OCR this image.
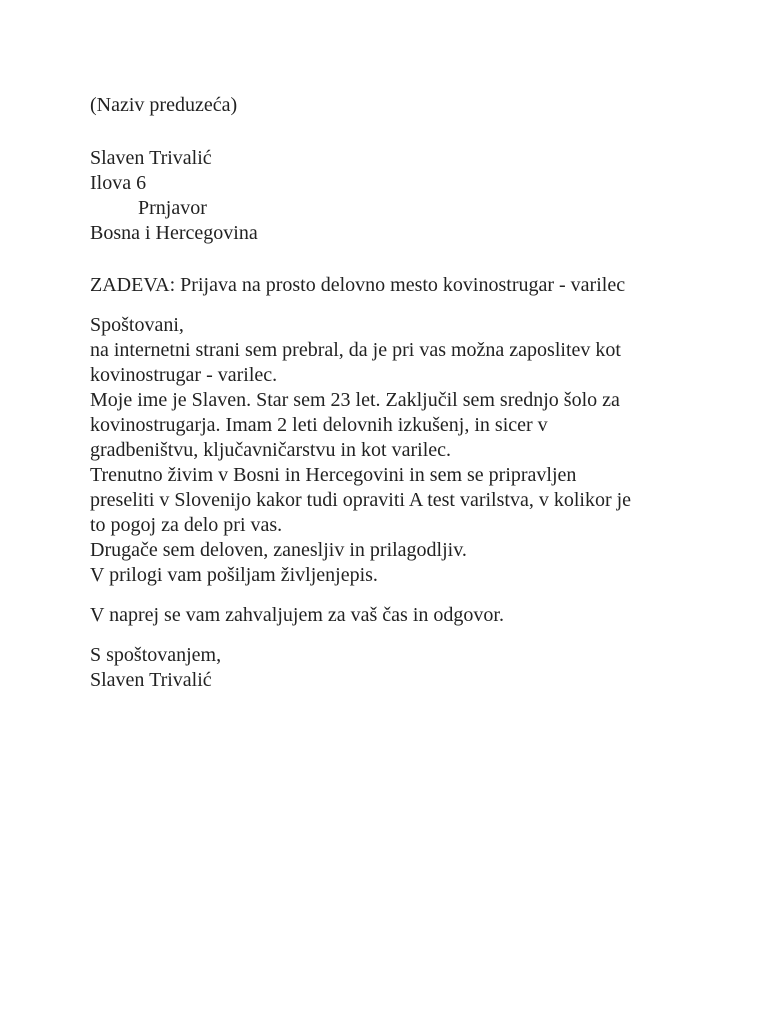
(Naziv preduzeća)
Slaven Trivalić
Ilova 6
Prnjavor
Bosna i Hercegovina
ZADEVA: Prijava na prosto delovno mesto kovinostrugar - varilec
Spoštovani,
na internetni strani sem prebral, da je pri vas možna zaposlitev kot
kovinostrugar - varilec.
Moje ime je Slaven. Star sem 23 let. Zaključil sem srednjo šolo za
kovinostrugarja. Imam 2 leti delovnih izkušenj, in sicer v
gradbeništvu, ključavničarstvu in kot varilec.
Trenutno živim v Bosni in Hercegovini in sem se pripravljen
preseliti v Slovenijo kakor tudi opraviti A test varilstva, v kolikor je
to pogoj za delo pri vas.
Drugače sem deloven, zanesljiv in prilagodljiv.
V prilogi vam pošiljam življenjepis.
V naprej se vam zahvaljujem za vaš čas in odgovor.
S spoštovanjem,
Slaven Trivalić
